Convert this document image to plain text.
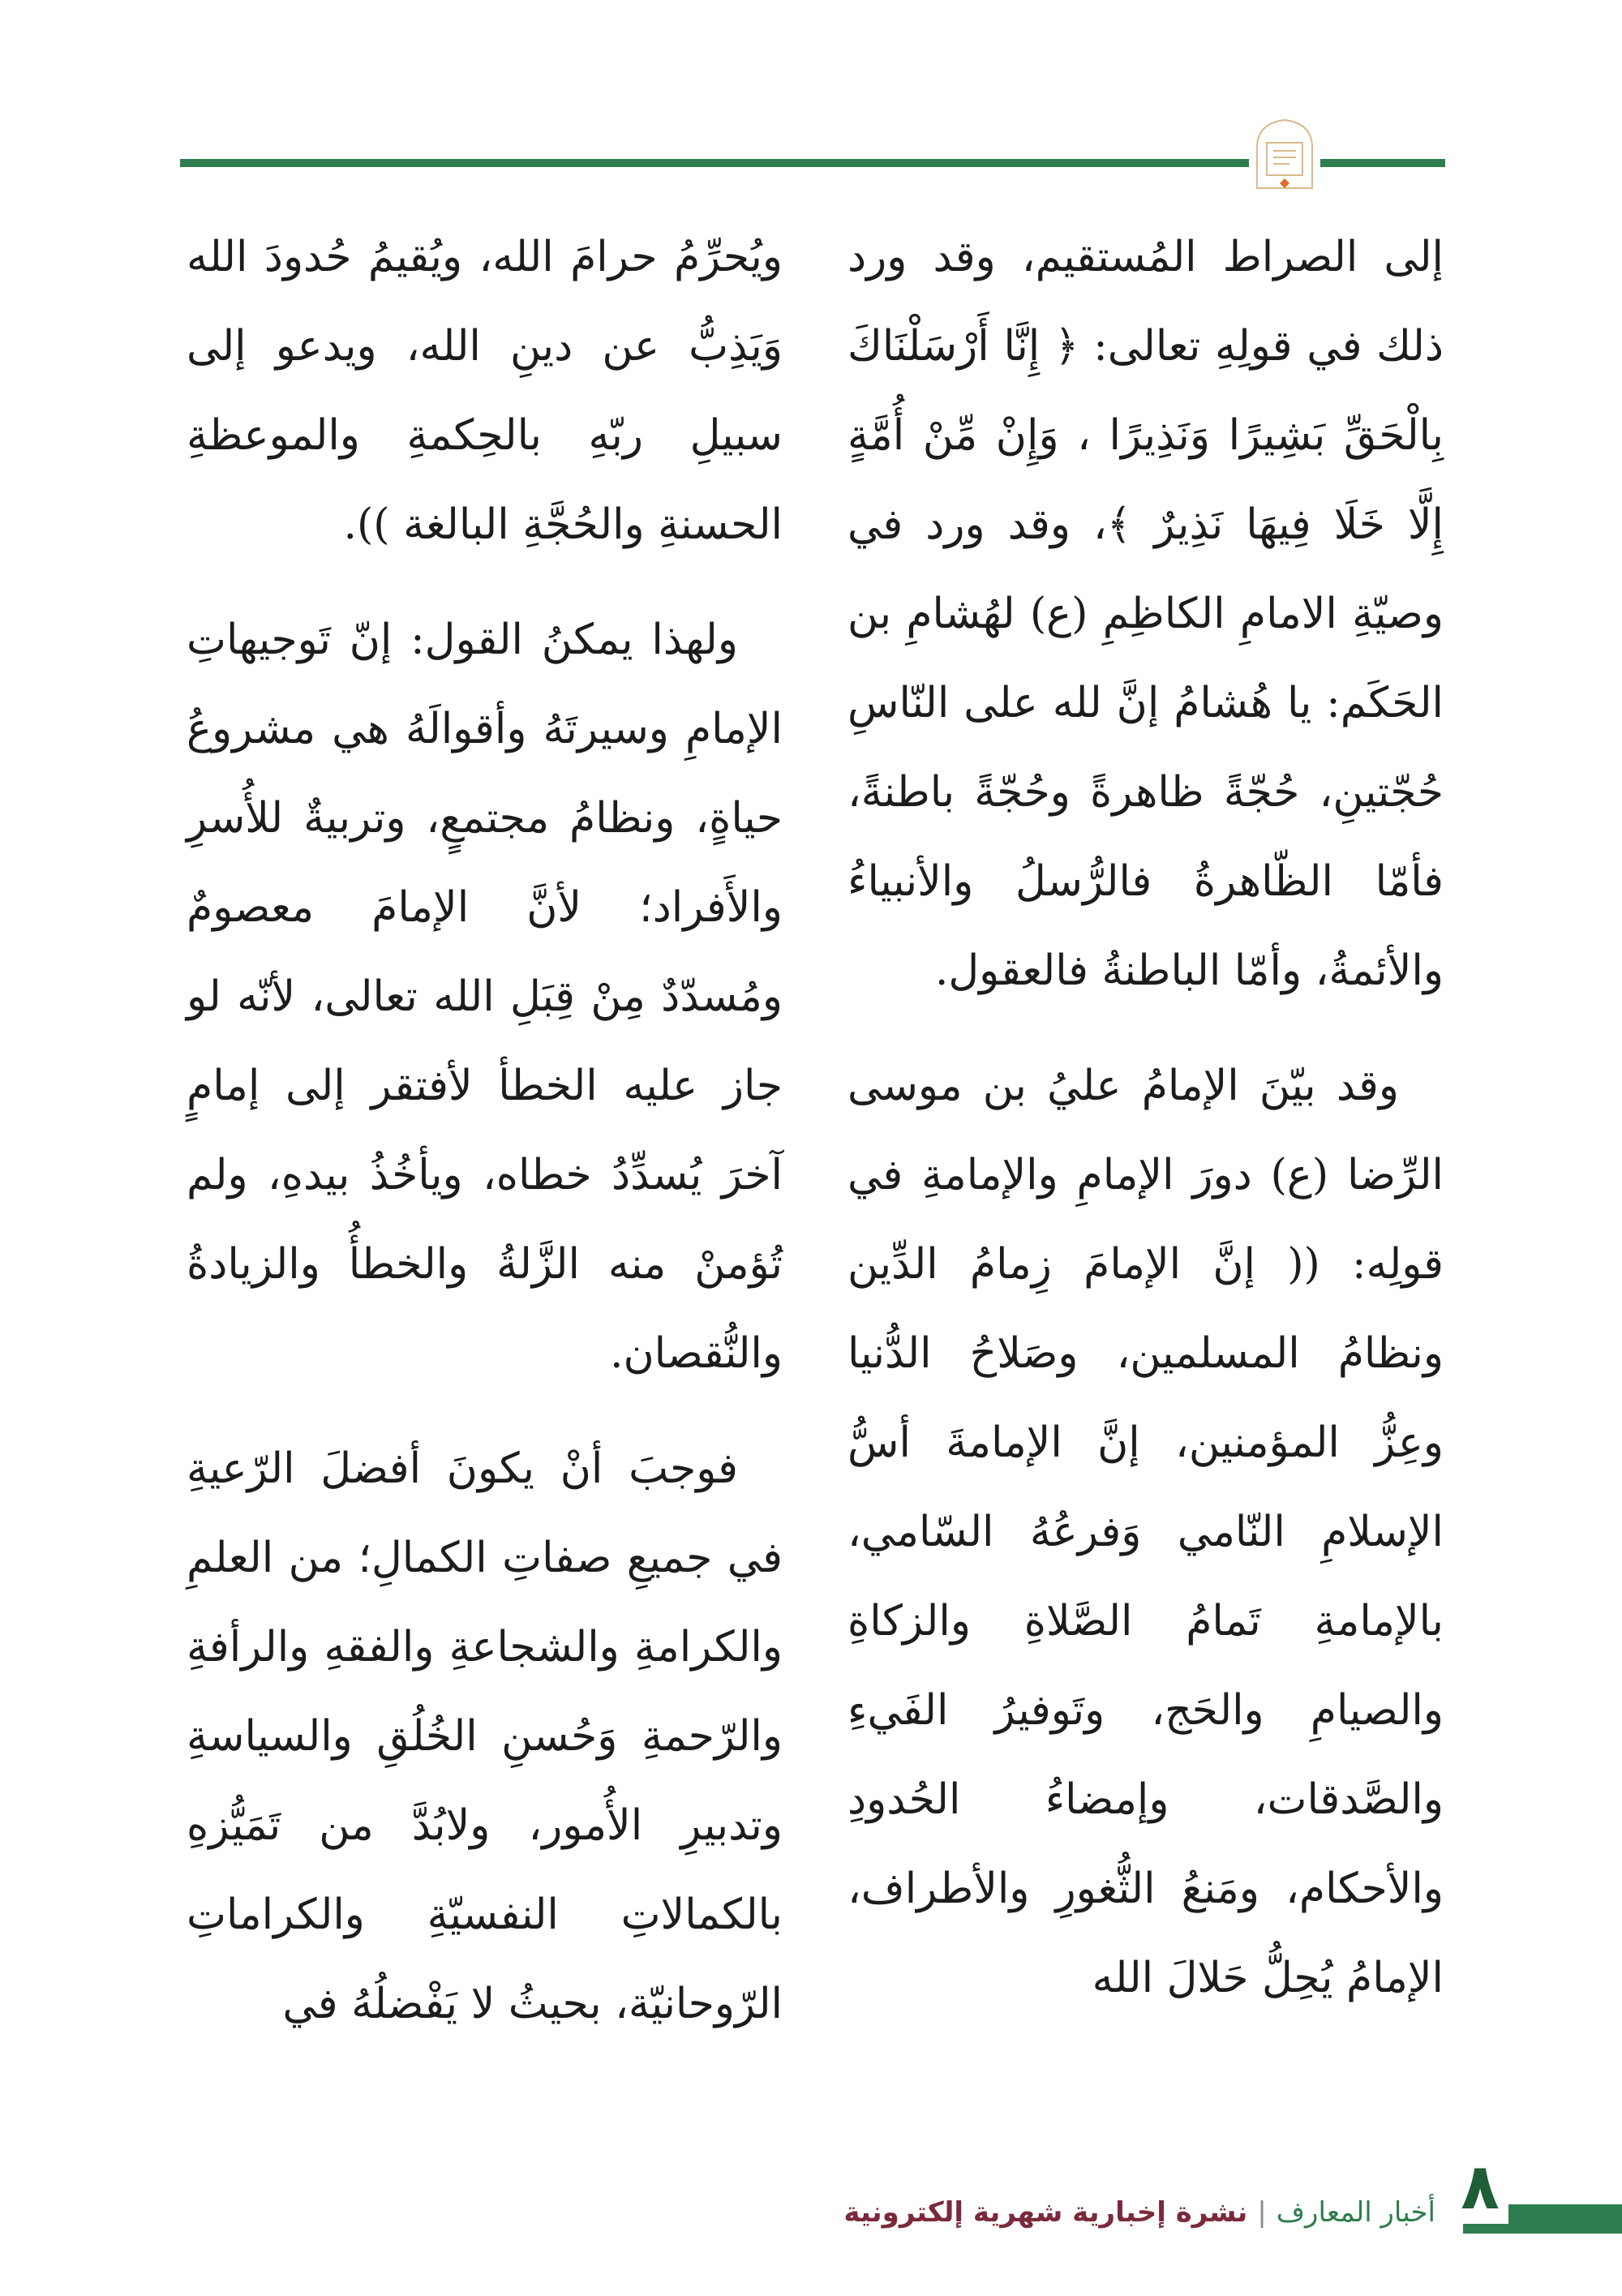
إلى الصراط المُستقيم، وقد ورد ذلك في قولِهِ تعالى: ﴿ إِنَّا أَرْسَلْنَاكَ بِالْحَقِّ بَشِيرًا وَنَذِيرًا ، وَإِنْ مِّنْ أُمَّةٍ إِلَّا خَلَا فِيهَا نَذِيرٌ ﴾، وقد ورد في وصيّةِ الامامِ الكاظِمِ (ع) لهُشامِ بن الحَكَم: يا هُشامُ إنَّ لله على النّاسِ حُجّتينِ، حُجّةً ظاهرةً وحُجّةً باطنةً، فأمّا الظّاهرةُ فالرُّسلُ والأنبياءُ والأئمةُ، وأمّا الباطنةُ فالعقول.

وقد بيّنَ الإمامُ عليُ بن موسى الرِّضا (ع) دورَ الإمامِ والإمامةِ في قولِه: (( إنَّ الإمامَ زِمامُ الدِّين ونظامُ المسلمين، وصَلاحُ الدُّنيا وعِزُّ المؤمنين، إنَّ الإمامةَ أسُّ الإسلامِ النّامي وَفرعُهُ السّامي، بالإمامةِ تَمامُ الصَّلاةِ والزكاةِ والصيامِ والحَج، وتَوفيرُ الفَيءِ والصَّدقات، وإمضاءُ الحُدودِ والأحكام، ومَنعُ الثُّغورِ والأطراف، الإمامُ يُحِلُّ حَلالَ الله

ويُحرِّمُ حرامَ الله، ويُقيمُ حُدودَ الله وَيَذِبُّ عن دينِ الله، ويدعو إلى سبيلِ ربّهِ بالحِكمةِ والموعظةِ الحسنةِ والحُجَّةِ البالغة )).

ولهذا يمكنُ القول: إنّ تَوجيهاتِ الإمامِ وسيرتَهُ وأقوالَهُ هي مشروعُ حياةٍ، ونظامُ مجتمعٍ، وتربيةٌ للأُسرِ والأَفراد؛ لأنَّ الإمامَ معصومٌ ومُسدّدٌ مِنْ قِبَلِ الله تعالى، لأنّه لو جاز عليه الخطأ لأفتقر إلى إمامٍ آخرَ يُسدِّدُ خطاه، ويأخُذُ بيدهِ، ولم تُؤمنْ منه الزَّلةُ والخطأُ والزيادةُ والنُّقصان.

فوجبَ أنْ يكونَ أفضلَ الرّعيةِ في جميعِ صفاتِ الكمالِ؛ من العلمِ والكرامةِ والشجاعةِ والفقهِ والرأفةِ والرّحمةِ وَحُسنِ الخُلُقِ والسياسةِ وتدبيرِ الأُمور، ولابُدَّ من تَمَيُّزهِ بالكمالاتِ النفسيّةِ والكراماتِ الرّوحانيّة، بحيثُ لا يَفْضلُهُ في

٨
أخبار المعارف|نشرة إخبارية شهرية إلكترونية
